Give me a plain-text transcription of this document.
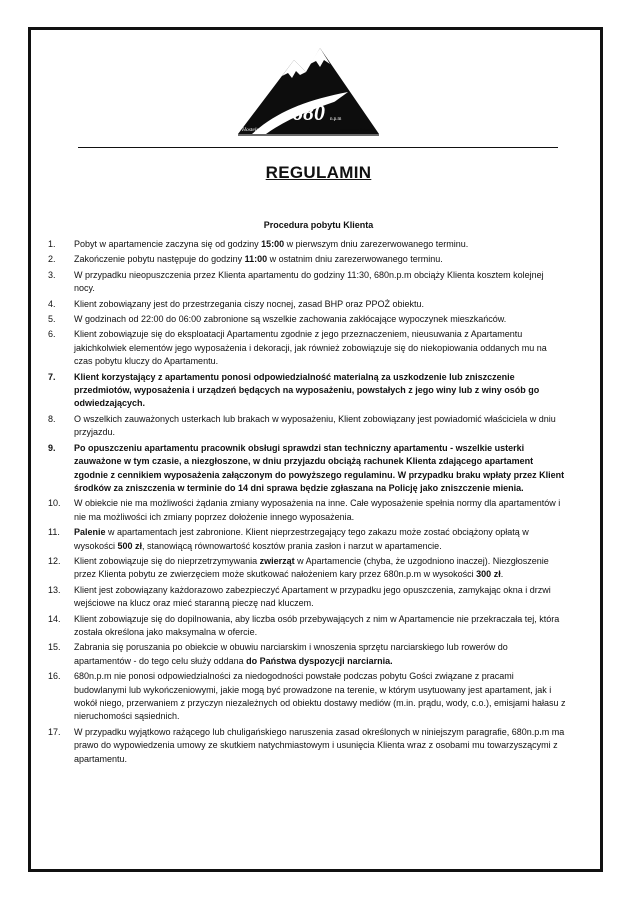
680 n.p.m
Hostels	apartament & hotel
REGULAMIN
Procedura pobytu Klienta
1. Pobyt w apartamencie zaczyna się od godziny 15:00 w pierwszym dniu zarezerwowanego terminu.
2. Zakończenie pobytu następuje do godziny 11:00 w ostatnim dniu zarezerwowanego terminu.
3. W przypadku nieopuszczenia przez Klienta apartamentu do godziny 11:30, 680n.p.m obciąży Klienta kosztem kolejnej nocy.
4. Klient zobowiązany jest do przestrzegania ciszy nocnej, zasad BHP oraz PPOŻ obiektu.
5. W godzinach od 22:00 do 06:00 zabronione są wszelkie zachowania zakłócające wypoczynek mieszkańców.
6. Klient zobowiązuje się do eksploatacji Apartamentu zgodnie z jego przeznaczeniem, nieusuwania z Apartamentu jakichkolwiek elementów jego wyposażenia i dekoracji, jak również zobowiązuje się do niekopiowania oddanych mu na czas pobytu kluczy do Apartamentu.
7. Klient korzystający z apartamentu ponosi odpowiedzialność materialną za uszkodzenie lub zniszczenie przedmiotów, wyposażenia i urządzeń będących na wyposażeniu, powstałych z jego winy lub z winy osób go odwiedzających.
8. O wszelkich zauważonych usterkach lub brakach w wyposażeniu, Klient zobowiązany jest powiadomić właściciela w dniu przyjazdu.
9. Po opuszczeniu apartamentu pracownik obsługi sprawdzi stan techniczny apartamentu - wszelkie usterki zauważone w tym czasie, a niezgłoszone, w dniu przyjazdu obciążą rachunek Klienta zdającego apartament zgodnie z cennikiem wyposażenia załączonym do powyższego regulaminu. W przypadku braku wpłaty przez Klient środków za zniszczenia w terminie do 14 dni sprawa będzie zgłaszana na Policję jako zniszczenie mienia.
10. W obiekcie nie ma możliwości żądania zmiany wyposażenia na inne. Całe wyposażenie spełnia normy dla apartamentów i nie ma możliwości ich zmiany poprzez dołożenie innego wyposażenia.
11. Palenie w apartamentach jest zabronione. Klient nieprzestrzegający tego zakazu może zostać obciążony opłatą w wysokości 500 zł, stanowiącą równowartość kosztów prania zasłon i narzut w apartamencie.
12. Klient zobowiązuje się do nieprzetrzymywania zwierząt w Apartamencie (chyba, że uzgodniono inaczej). Niezgłoszenie przez Klienta pobytu ze zwierzęciem może skutkować nałożeniem kary przez 680n.p.m w wysokości 300 zł.
13. Klient jest zobowiązany każdorazowo zabezpieczyć Apartament w przypadku jego opuszczenia, zamykając okna i drzwi wejściowe na klucz oraz mieć staranną pieczę nad kluczem.
14. Klient zobowiązuje się do dopilnowania, aby liczba osób przebywających z nim w Apartamencie nie przekraczała tej, która została określona jako maksymalna w ofercie.
15. Zabrania się poruszania po obiekcie w obuwiu narciarskim i wnoszenia sprzętu narciarskiego lub rowerów do apartamentów - do tego celu służy oddana do Państwa dyspozycji narciarnia.
16. 680n.p.m nie ponosi odpowiedzialności za niedogodności powstałe podczas pobytu Gości związane z pracami budowlanymi lub wykończeniowymi, jakie mogą być prowadzone na terenie, w którym usytuowany jest apartament, jak i wokół niego, przerwaniem z przyczyn niezależnych od obiektu dostawy mediów (m.in. prądu, wody, c.o.), emisjami hałasu z nieruchomości sąsiednich.
17. W przypadku wyjątkowo rażącego lub chuligańskiego naruszenia zasad określonych w niniejszym paragrafie, 680n.p.m ma prawo do wypowiedzenia umowy ze skutkiem natychmiastowym i usunięcia Klienta wraz z osobami mu towarzyszącymi z apartamentu.
